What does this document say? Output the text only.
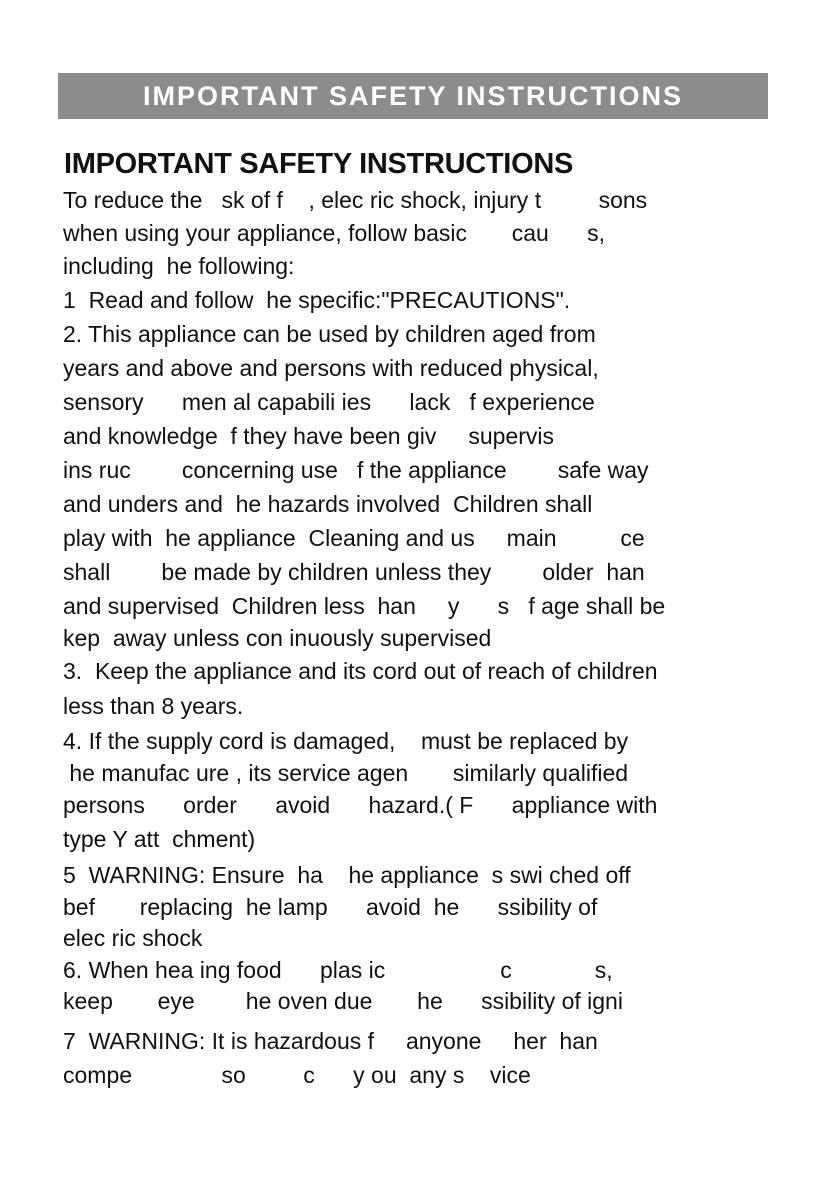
IMPORTANT SAFETY INSTRUCTIONS
IMPORTANT SAFETY INSTRUCTIONS
To reduce the   sk of f    , elec ric shock, injury t         sons
when using your appliance, follow basic       cau      s,
including  he following:
1  Read and follow  he specific:"PRECAUTIONS".
2. This appliance can be used by children aged from
years and above and persons with reduced physical,
sensory      men al capabili ies      lack   f experience
and knowledge  f they have been giv     supervis
ins ruc        concerning use   f the appliance        safe way
and unders and  he hazards involved  Children shall
play with  he appliance  Cleaning and us     main          ce
shall        be made by children unless they        older  han
and supervised  Children less  han     y      s   f age shall be
kep  away unless con inuously supervised
3.  Keep the appliance and its cord out of reach of children
less than 8 years.
4. If the supply cord is damaged,    must be replaced by
he manufac ure , its service agen       similarly qualified
persons      order      avoid      hazard.( F      appliance with
type Y att  chment)
5  WARNING: Ensure  ha    he appliance  s swi ched off
bef       replacing  he lamp      avoid  he      ssibility of
elec ric shock
6. When hea ing food      plas ic                  c             s,
keep       eye        he oven due       he      ssibility of igni
7  WARNING: It is hazardous f     anyone     her  han
compe              so         c      y ou  any s    vice
